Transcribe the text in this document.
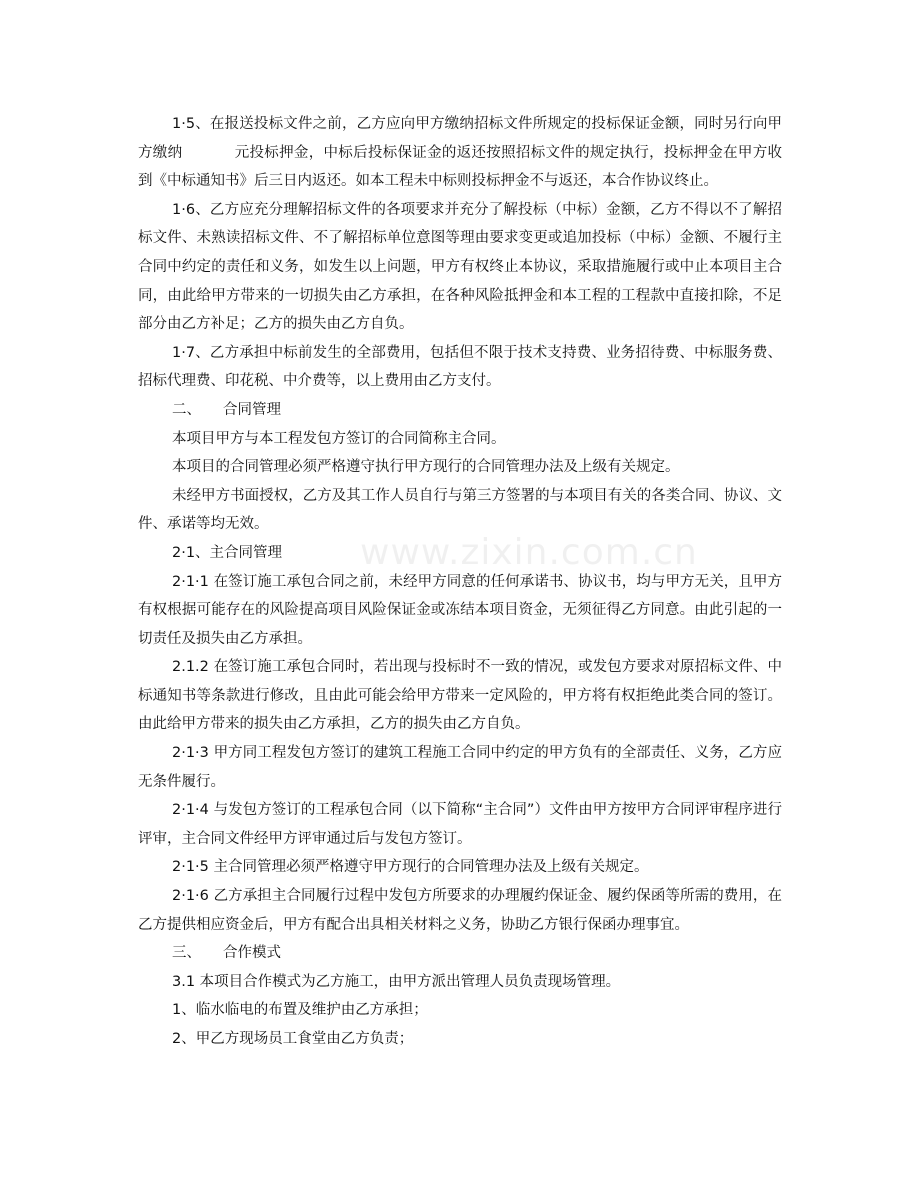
www.zixin.com.cn

1·5、在报送投标文件之前，乙方应向甲方缴纳招标文件所规定的投标保证金额，同时另行向甲方缴纳	元投标押金，中标后投标保证金的返还按照招标文件的规定执行，投标押金在甲方收到《中标通知书》后三日内返还。如本工程未中标则投标押金不与返还，本合作协议终止。

1·6、乙方应充分理解招标文件的各项要求并充分了解投标（中标）金额，乙方不得以不了解招标文件、未熟读招标文件、不了解招标单位意图等理由要求变更或追加投标（中标）金额、不履行主合同中约定的责任和义务，如发生以上问题，甲方有权终止本协议，采取措施履行或中止本项目主合同，由此给甲方带来的一切损失由乙方承担，在各种风险抵押金和本工程的工程款中直接扣除，不足部分由乙方补足；乙方的损失由乙方自负。

1·7、乙方承担中标前发生的全部费用，包括但不限于技术支持费、业务招待费、中标服务费、招标代理费、印花税、中介费等，以上费用由乙方支付。

二、 合同管理

本项目甲方与本工程发包方签订的合同简称主合同。

本项目的合同管理必须严格遵守执行甲方现行的合同管理办法及上级有关规定。

未经甲方书面授权，乙方及其工作人员自行与第三方签署的与本项目有关的各类合同、协议、文件、承诺等均无效。

2·1、主合同管理

2·1·1 在签订施工承包合同之前，未经甲方同意的任何承诺书、协议书，均与甲方无关，且甲方有权根据可能存在的风险提高项目风险保证金或冻结本项目资金，无须征得乙方同意。由此引起的一切责任及损失由乙方承担。

2.1.2 在签订施工承包合同时，若出现与投标时不一致的情况，或发包方要求对原招标文件、中标通知书等条款进行修改，且由此可能会给甲方带来一定风险的，甲方将有权拒绝此类合同的签订。由此给甲方带来的损失由乙方承担，乙方的损失由乙方自负。

2·1·3 甲方同工程发包方签订的建筑工程施工合同中约定的甲方负有的全部责任、义务，乙方应无条件履行。

2·1·4 与发包方签订的工程承包合同（以下简称“主合同”）文件由甲方按甲方合同评审程序进行评审，主合同文件经甲方评审通过后与发包方签订。

2·1·5 主合同管理必须严格遵守甲方现行的合同管理办法及上级有关规定。

2·1·6 乙方承担主合同履行过程中发包方所要求的办理履约保证金、履约保函等所需的费用，在乙方提供相应资金后，甲方有配合出具相关材料之义务，协助乙方银行保函办理事宜。

三、 合作模式

3.1 本项目合作模式为乙方施工，由甲方派出管理人员负责现场管理。

1、临水临电的布置及维护由乙方承担；

2、甲乙方现场员工食堂由乙方负责；
